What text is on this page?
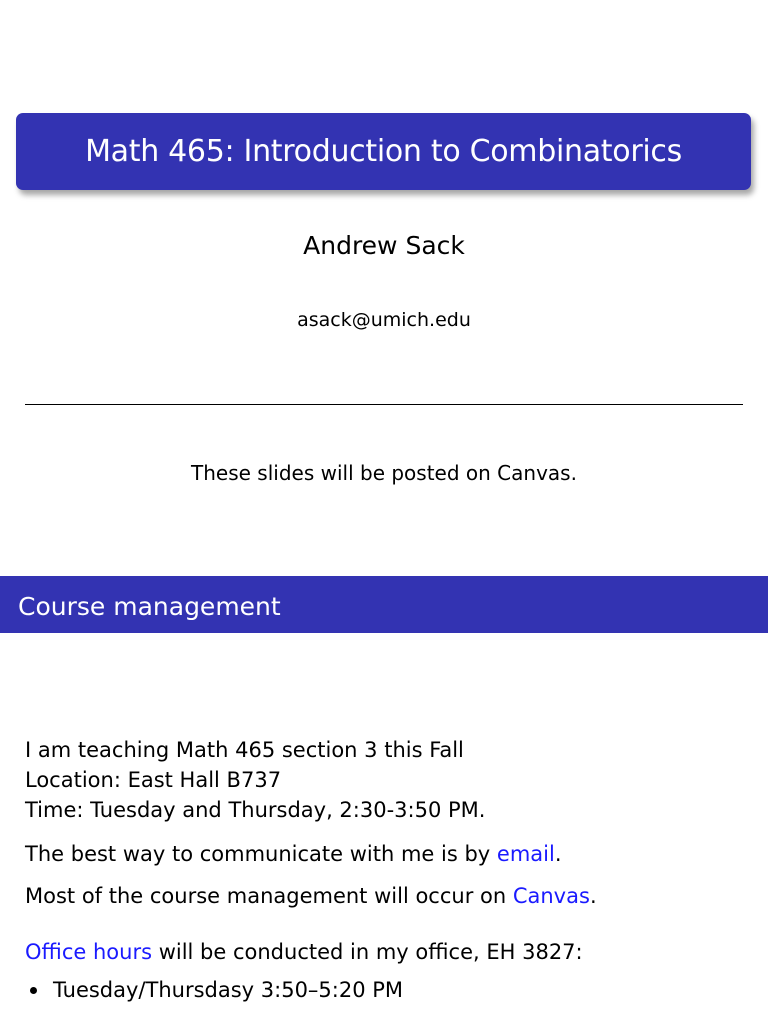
Math 465: Introduction to Combinatorics
Andrew Sack
asack@umich.edu
These slides will be posted on Canvas.
Course management
I am teaching Math 465 section 3 this Fall
Location: East Hall B737
Time: Tuesday and Thursday, 2:30-3:50 PM.
The best way to communicate with me is by email.
Most of the course management will occur on Canvas.
Office hours will be conducted in my office, EH 3827:
Tuesday/Thursdasy 3:50–5:20 PM
